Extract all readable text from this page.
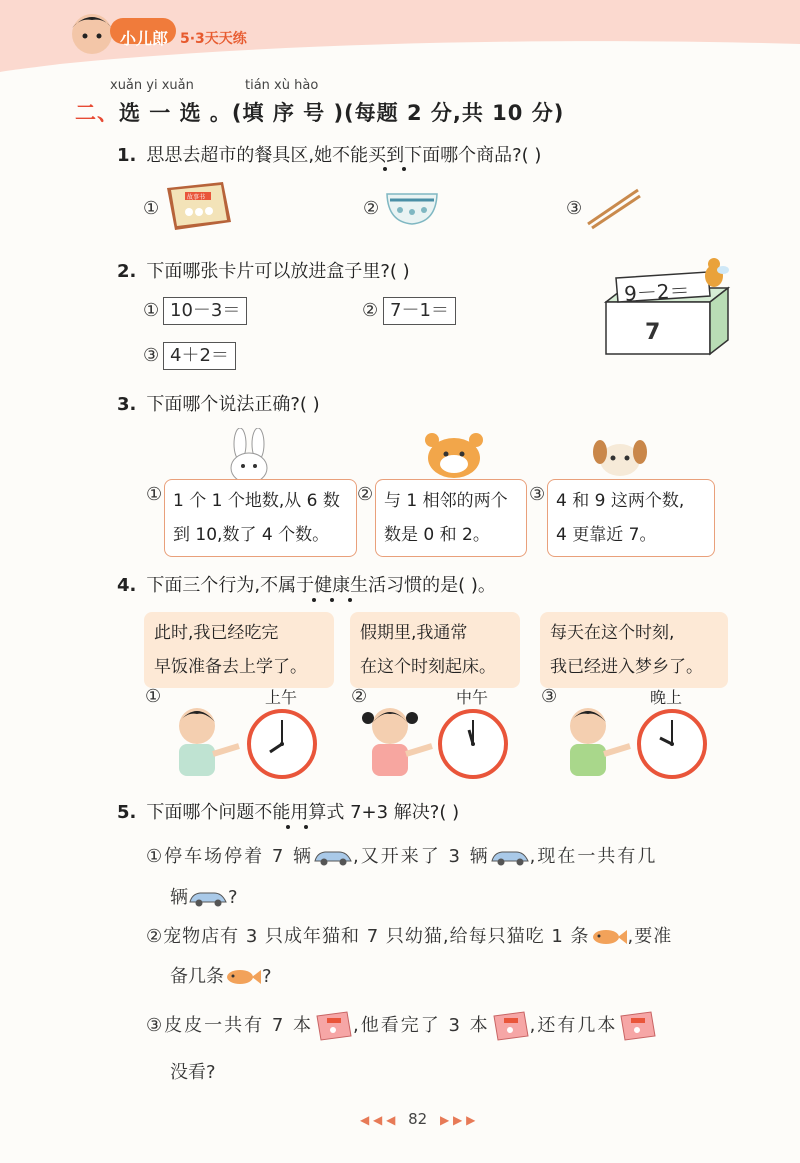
小儿郎 5·3天天练
xuǎn yi xuǎn	tián xù hào
二、选 一 选 。(填 序 号 )(每题 2 分,共 10 分)
1. 思思去超市的餐具区,她不能买到下面哪个商品?( )
①
故事书
②	③
2. 下面哪张卡片可以放进盒子里?( )
① 10－3＝	② 7－1＝
③ 4＋2＝
9－2＝
7
3. 下面哪个说法正确?( )
① 1 个 1 个地数,从 6 数
到 10,数了 4 个数。
② 与 1 相邻的两个
数是 0 和 2。
③ 4 和 9 这两个数,
4 更靠近 7。
4. 下面三个行为,不属于健康生活习惯的是( )。
此时,我已经吃完
早饭准备去上学了。
假期里,我通常
在这个时刻起床。
每天在这个时刻,
我已经进入梦乡了。
①	上午	②	中午	③	晚上
5. 下面哪个问题不能用算式 7+3 解决?( )
①停车场停着 7 辆 ,又开来了 3 辆 ,现在一共有几
辆 ?
②宠物店有 3 只成年猫和 7 只幼猫,给每只猫吃 1 条 ,要准
备几条 ?
③皮皮一共有 7 本 ,他看完了 3 本 ,还有几本
没看?
◀ ◀ ◀ 82 ▶ ▶ ▶
